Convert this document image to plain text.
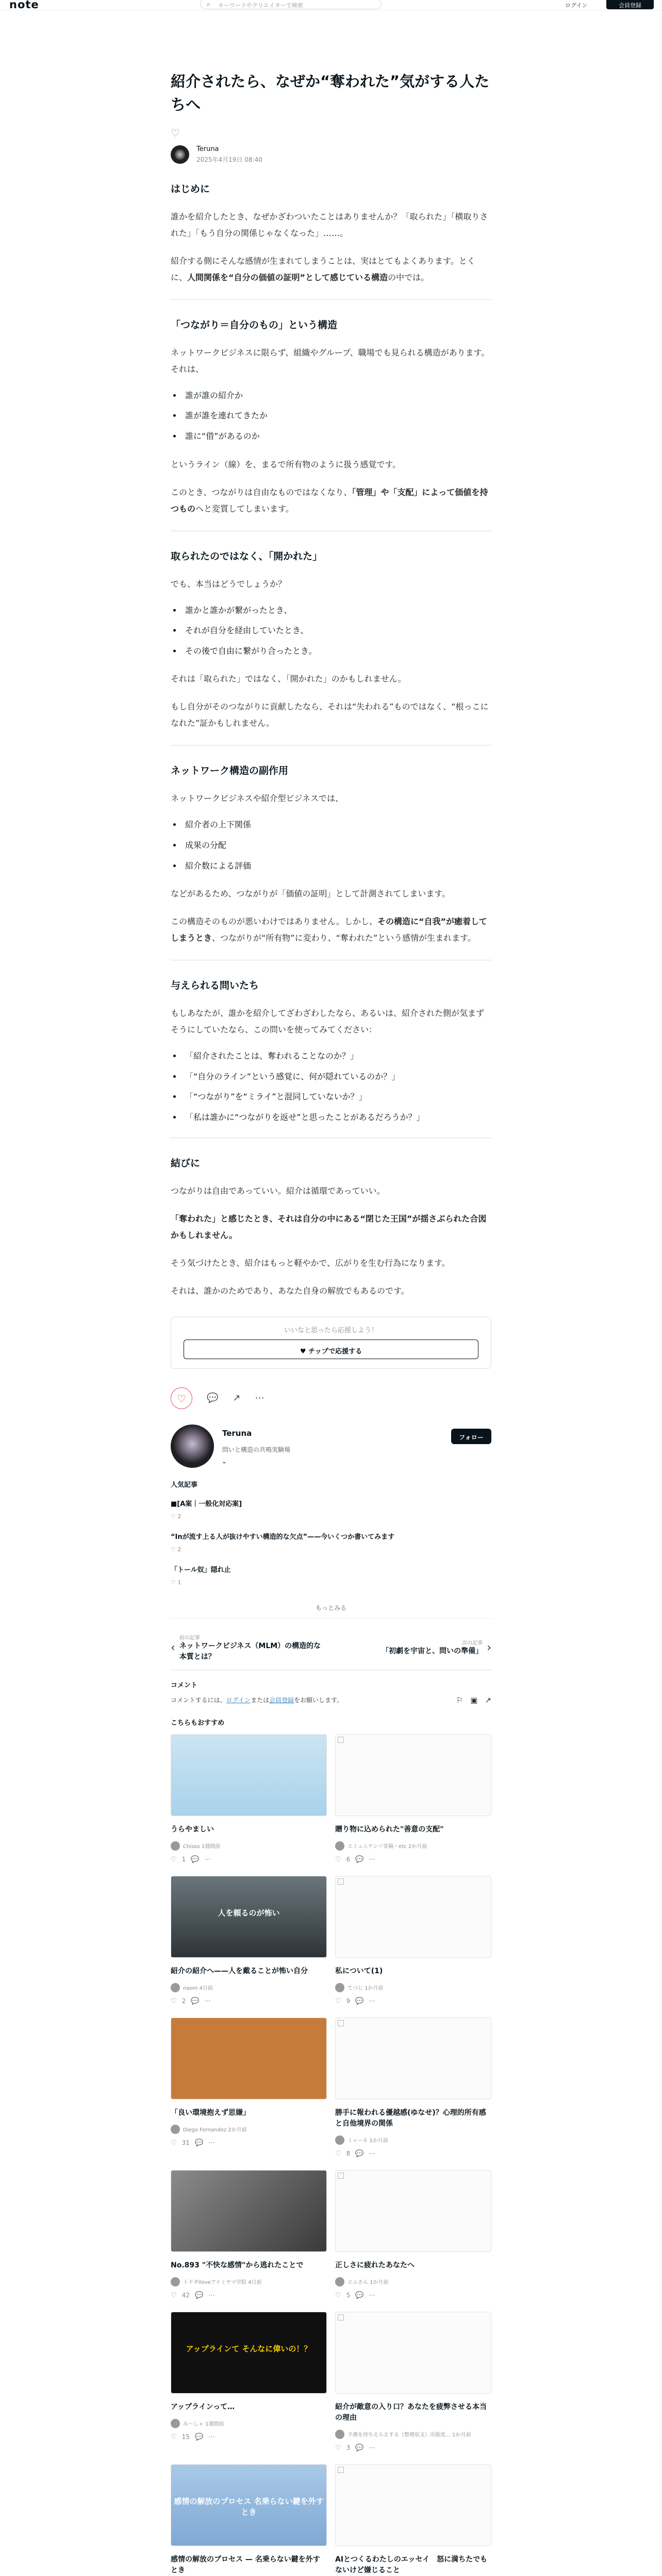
note	⌕ キーワードやクリエイターで検索	ログイン	会員登録
紹介されたら、なぜか“奪われた”気がする人たちへ
♡
Teruna
2025年4月19日 08:40
はじめに

誰かを紹介したとき、なぜかざわついたことはありませんか？「取られた」「横取りされた」「もう自分の関係じゃなくなった」……。

紹介する側にそんな感情が生まれてしまうことは、実はとてもよくあります。とくに、人間関係を“自分の価値の証明”として感じている構造の中では。

「つながり＝自分のもの」という構造

ネットワークビジネスに限らず、組織やグループ、職場でも見られる構造があります。それは、

• 誰が誰の紹介か
• 誰が誰を連れてきたか
• 誰に“借”があるのか

というライン（線）を、まるで所有物のように扱う感覚です。

このとき、つながりは自由なものではなくなり、「管理」や「支配」によって価値を持つものへと変質してしまいます。

取られたのではなく、「開かれた」

でも、本当はどうでしょうか？

• 誰かと誰かが繋がったとき、
• それが自分を経由していたとき、
• その後で自由に繋がり合ったとき。

それは「取られた」ではなく、「開かれた」のかもしれません。

もし自分がそのつながりに貢献したなら、それは“失われる”ものではなく、“根っこになれた”証かもしれません。

ネットワーク構造の副作用

ネットワークビジネスや紹介型ビジネスでは、

• 紹介者の上下関係
• 成果の分配
• 紹介数による評価

などがあるため、つながりが「価値の証明」として計測されてしまいます。

この構造そのものが悪いわけではありません。しかし、その構造に“自我”が癒着してしまうとき、つながりが“所有物”に変わり、“奪われた”という感情が生まれます。

与えられる問いたち

もしあなたが、誰かを紹介してざわざわしたなら、あるいは、紹介された側が気まずそうにしていたなら、この問いを使ってみてください：

• 「紹介されたことは、奪われることなのか？」
• 「“自分のライン”という感覚に、何が隠れているのか？」
• 「“つながり”を“ミライ”と混同していないか？」
• 「私は誰かに“つながりを返せ”と思ったことがあるだろうか？」
結びに

つながりは自由であっていい。紹介は循環であっていい。

「奪われた」と感じたとき、それは自分の中にある“閉じた王国”が揺さぶられた合図かもしれません。

そう気づけたとき、紹介はもっと軽やかで、広がりを生む行為になります。

それは、誰かのためであり、あなた自身の解放でもあるのです。

いいなと思ったら応援しよう！
♥ チップで応援する
♡	💬 ↗ ⋯
Teruna
問いと構造の共鳴実験場
⌁
フォロー
人気記事
■[A案｜一般化対応案]
♡ 2
“Inが流す上る人が抜けやすい構造的な欠点”——今いくつか書いてみます
♡ 2
「トール奴」隠れ止
♡ 1
もっとみる
‹
前の記事
ネットワークビジネス（MLM）の構造的な本質とは？
次の記事
「初劇を宇宙と、問いの準備」 ›
コメント
コメントするには、ログインまたは会員登録をお願いします。	⚐ ▣ ↗
こちらもおすすめ
うらやましい
Chisso 1週間前
♡ 1 💬 ⋯
贈り物に込められた"善意の支配"
エミュニケンソ寄稿・etc 2か月前
♡ 6 💬 ⋯
人を頼るのが怖い
紹介の紹介へ——人を戴ることが怖い自分
naom 4日前
♡ 2 💬 ⋯
私について(1)
てつじ 1か月前
♡ 9 💬 ⋯
「良い環境抱えず思嫌」
Diego Fernandez 2か月前
♡ 31 💬 ⋯
勝手に報われる優越感(ゆなせ)？心理的所有感と自他境界の関係
ミャーネ 1か月前
♡ 8 💬 ⋯
No.893 "不快な感情"から逃れたことで
トドダIloveアイミヤマ学院 4日前
♡ 42 💬 ⋯
正しさに疲れたあなたへ
エムさん 1か月前
♡ 5 💬 ⋯
アップラインて そんなに偉いの！？
アップラインって…
み～しゃ 1週間前
♡ 15 💬 ⋯
紹介が敵意の入り口？あなたを疲弊させる本当の理由
予測を持ちえらえする（整理収支）出版度… 1か月前
♡ 3 💬 ⋯
感情の解放のプロセス 名乗らない鍵を外すとき
感情の解放のプロセス — 名乗らない鍵を外すとき
AIとつくるわたしのエッセイ　怒に満ちたでもないけど嫌じること
